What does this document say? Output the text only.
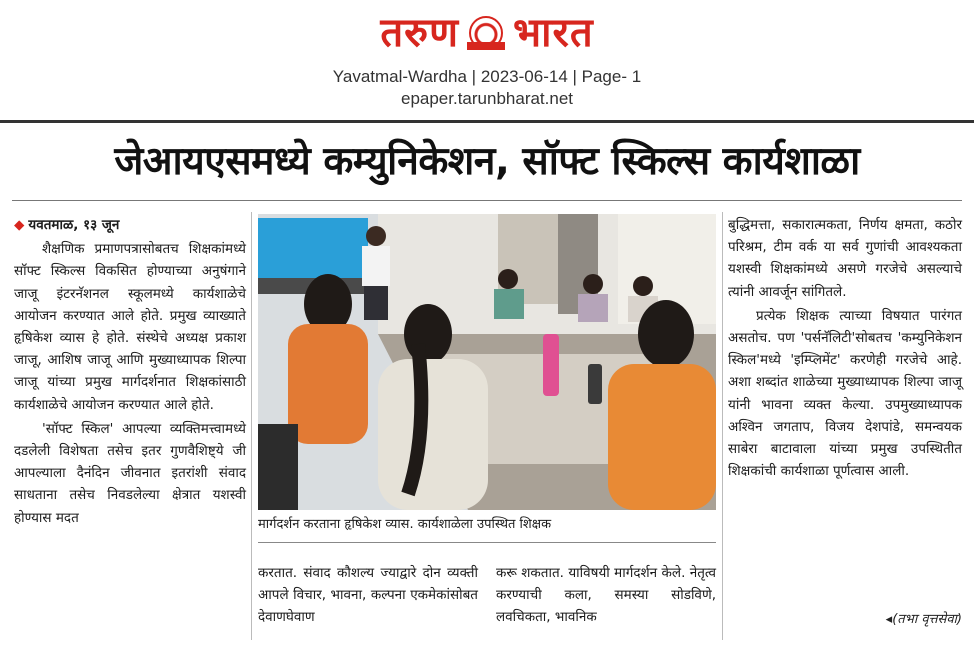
तरुण भारत
Yavatmal-Wardha | 2023-06-14 | Page- 1
epaper.tarunbharat.net
जेआयएसमध्ये कम्युनिकेशन, सॉफ्ट स्किल्स कार्यशाळा

◆ यवतमाळ, १३ जून

शैक्षणिक प्रमाणपत्रासोबतच शिक्षकांमध्ये सॉफ्ट स्किल्स विकसित होण्याच्या अनुषंगाने जाजू इंटरनॅशनल स्कूलमध्ये कार्यशाळेचे आयोजन करण्यात आले होते. प्रमुख व्याख्याते हृषिकेश व्यास हे होते. संस्थेचे अध्यक्ष प्रकाश जाजू, आशिष जाजू आणि मुख्याध्यापक शिल्पा जाजू यांच्या प्रमुख मार्गदर्शनात शिक्षकांसाठी कार्यशाळेचे आयोजन करण्यात आले होते.

'सॉफ्ट स्किल' आपल्या व्यक्तिमत्त्वामध्ये दडलेली विशेषता तसेच इतर गुणवैशिष्ट्ये जी आपल्याला दैनंदिन जीवनात इतरांशी संवाद साधताना तसेच निवडलेल्या क्षेत्रात यशस्वी होण्यास मदत	मार्गदर्शन करताना हृषिकेश व्यास. कार्यशाळेला उपस्थित शिक्षक
करतात. संवाद कौशल्य ज्याद्वारे दोन व्यक्ती आपले विचार, भावना, कल्पना एकमेकांसोबत देवाणघेवाण
करू शकतात. याविषयी मार्गदर्शन केले. नेतृत्व करण्याची कला, समस्या सोडविणे, लवचिकता, भावनिक

बुद्धिमत्ता, सकारात्मकता, निर्णय क्षमता, कठोर परिश्रम, टीम वर्क या सर्व गुणांची आवश्यकता यशस्वी शिक्षकांमध्ये असणे गरजेचे असल्याचे त्यांनी आवर्जून सांगितले.

प्रत्येक शिक्षक त्याच्या विषयात पारंगत असतोच. पण 'पर्सनॅलिटी'सोबतच 'कम्युनिकेशन स्किल'मध्ये 'इम्प्लिमेंट' करणेही गरजेचे आहे. अशा शब्दांत शाळेच्या मुख्याध्यापक शिल्पा जाजू यांनी भावना व्यक्त केल्या. उपमुख्याध्यापक अश्विन जगताप, विजय देशपांडे, समन्वयक साबेरा बाटावाला यांच्या प्रमुख उपस्थितीत शिक्षकांची कार्यशाळा पूर्णत्वास आली.

◂(तभा वृत्तसेवा)
